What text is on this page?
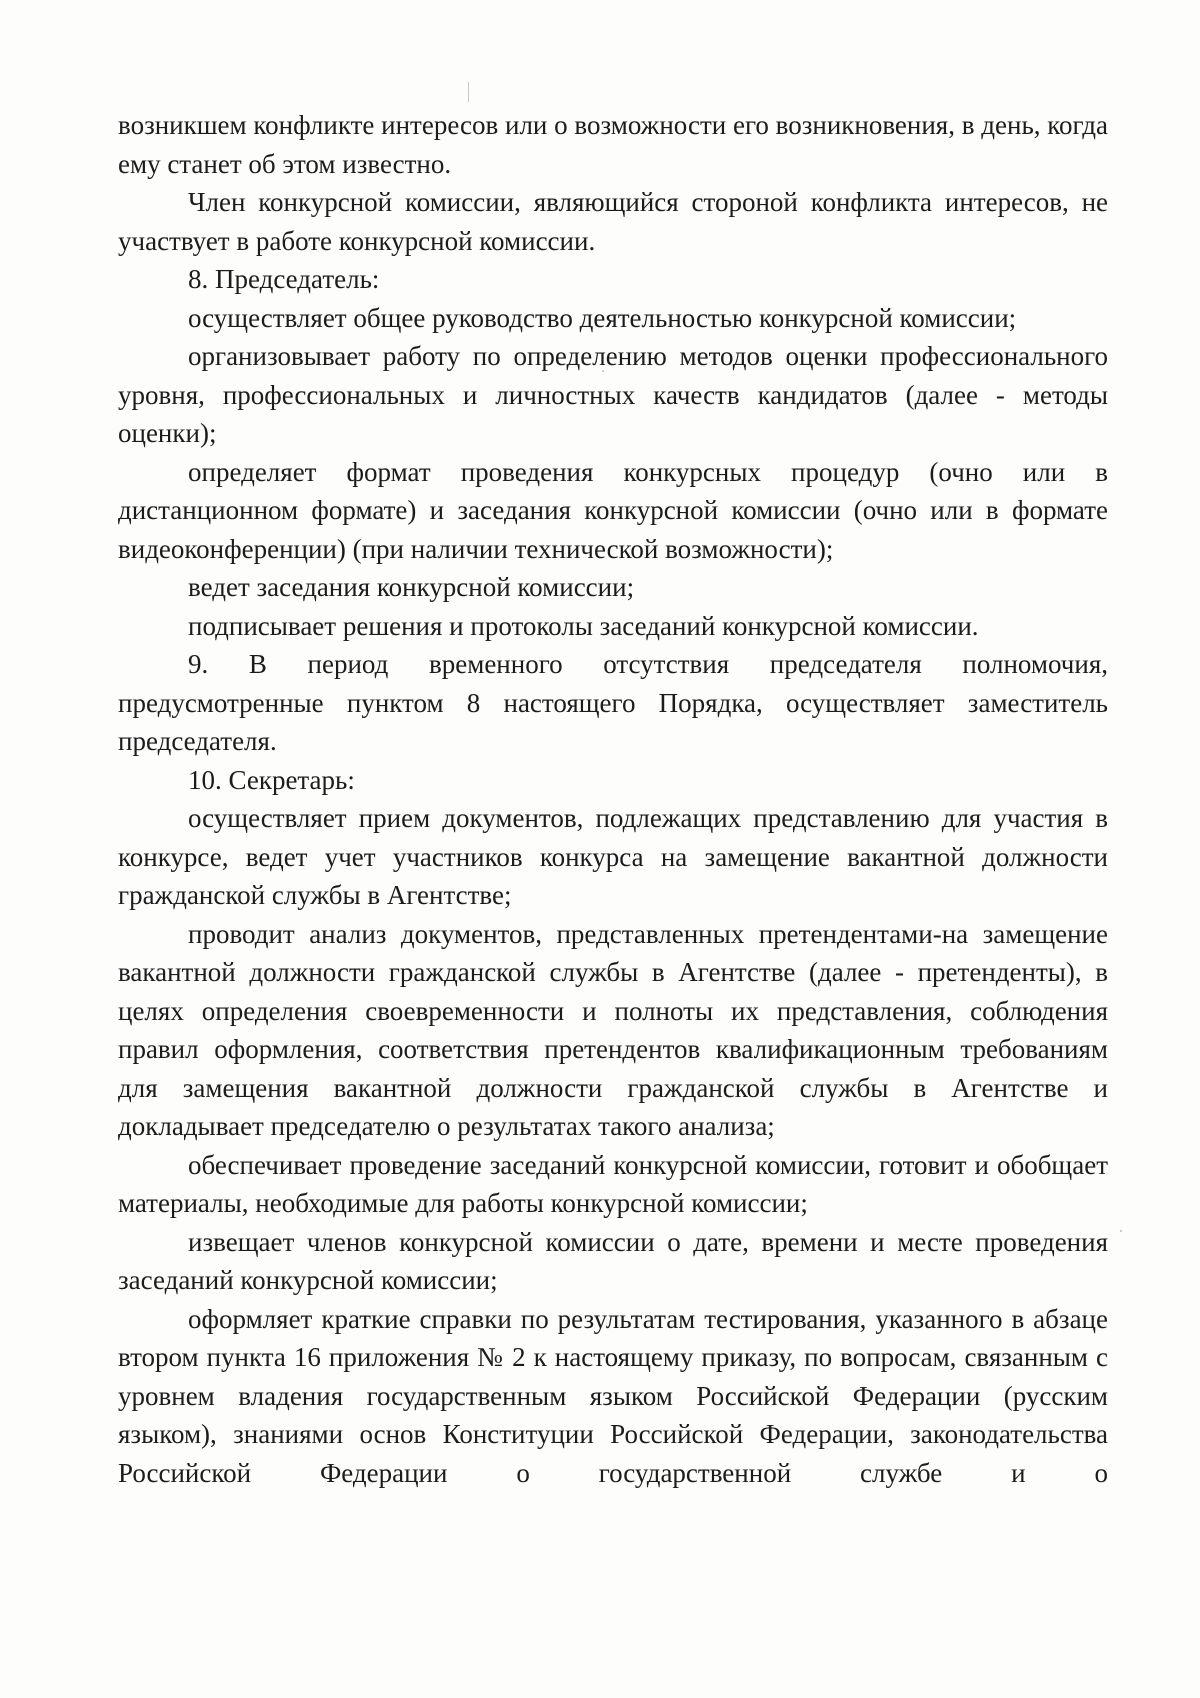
возникшем конфликте интересов или о возможности его возникновения, в день, когда ему станет об этом известно.

Член конкурсной комиссии, являющийся стороной конфликта интересов, не участвует в работе конкурсной комиссии.

8. Председатель:

осуществляет общее руководство деятельностью конкурсной комиссии;

организовывает работу по определению методов оценки профессионального уровня, профессиональных и личностных качеств кандидатов (далее - методы оценки);

определяет формат проведения конкурсных процедур (очно или в дистанционном формате) и заседания конкурсной комиссии (очно или в формате видеоконференции) (при наличии технической возможности);

ведет заседания конкурсной комиссии;

подписывает решения и протоколы заседаний конкурсной комиссии.

9. В период временного отсутствия председателя полномочия, предусмотренные пунктом 8 настоящего Порядка, осуществляет заместитель председателя.

10. Секретарь:

осуществляет прием документов, подлежащих представлению для участия в конкурсе, ведет учет участников конкурса на замещение вакантной должности гражданской службы в Агентстве;

проводит анализ документов, представленных претендентами-на замещение вакантной должности гражданской службы в Агентстве (далее - претенденты), в целях определения своевременности и полноты их представления, соблюдения правил оформления, соответствия претендентов квалификационным требованиям для замещения вакантной должности гражданской службы в Агентстве и докладывает председателю о результатах такого анализа;

обеспечивает проведение заседаний конкурсной комиссии, готовит и обобщает материалы, необходимые для работы конкурсной комиссии;

извещает членов конкурсной комиссии о дате, времени и месте проведения заседаний конкурсной комиссии;

оформляет краткие справки по результатам тестирования, указанного в абзаце втором пункта 16 приложения № 2 к настоящему приказу, по вопросам, связанным с уровнем владения государственным языком Российской Федерации (русским языком), знаниями основ Конституции Российской Федерации, законодательства Российской Федерации о государственной службе и о
